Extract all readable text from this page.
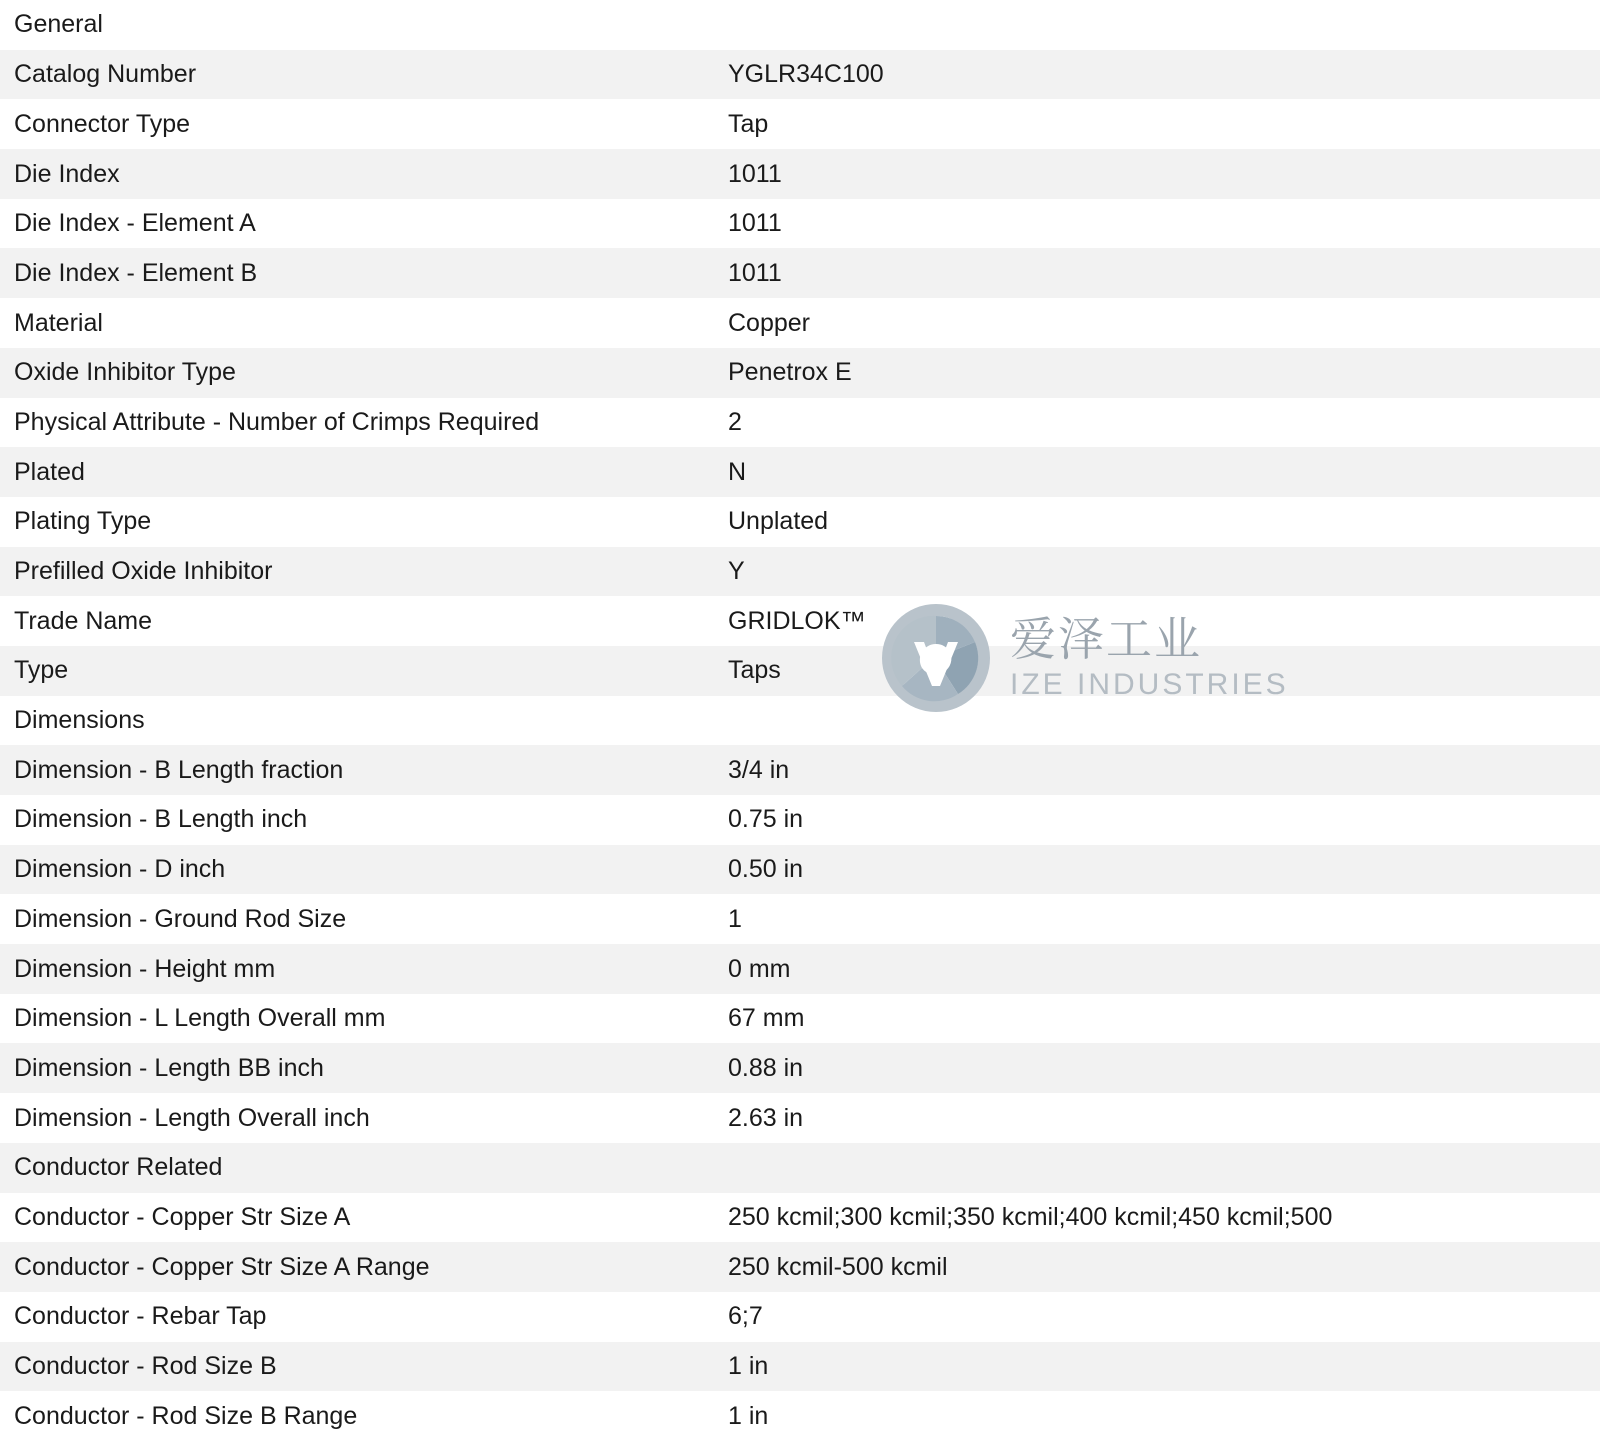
General	
Catalog Number	YGLR34C100
Connector Type	Tap
Die Index	1011
Die Index - Element A	1011
Die Index - Element B	1011
Material	Copper
Oxide Inhibitor Type	Penetrox E
Physical Attribute - Number of Crimps Required	2
Plated	N
Plating Type	Unplated
Prefilled Oxide Inhibitor	Y
Trade Name	GRIDLOK™
Type	Taps
Dimensions	
Dimension - B Length fraction	3/4 in
Dimension - B Length inch	0.75 in
Dimension - D inch	0.50 in
Dimension - Ground Rod Size	1
Dimension - Height mm	0 mm
Dimension - L Length Overall mm	67 mm
Dimension - Length BB inch	0.88 in
Dimension - Length Overall inch	2.63 in
Conductor Related	
Conductor - Copper Str Size A	250 kcmil;300 kcmil;350 kcmil;400 kcmil;450 kcmil;500
Conductor - Copper Str Size A Range	250 kcmil-500 kcmil
Conductor - Rebar Tap	6;7
Conductor - Rod Size B	1 in
Conductor - Rod Size B Range	1 in
爱泽工业
IZE INDUSTRIES
